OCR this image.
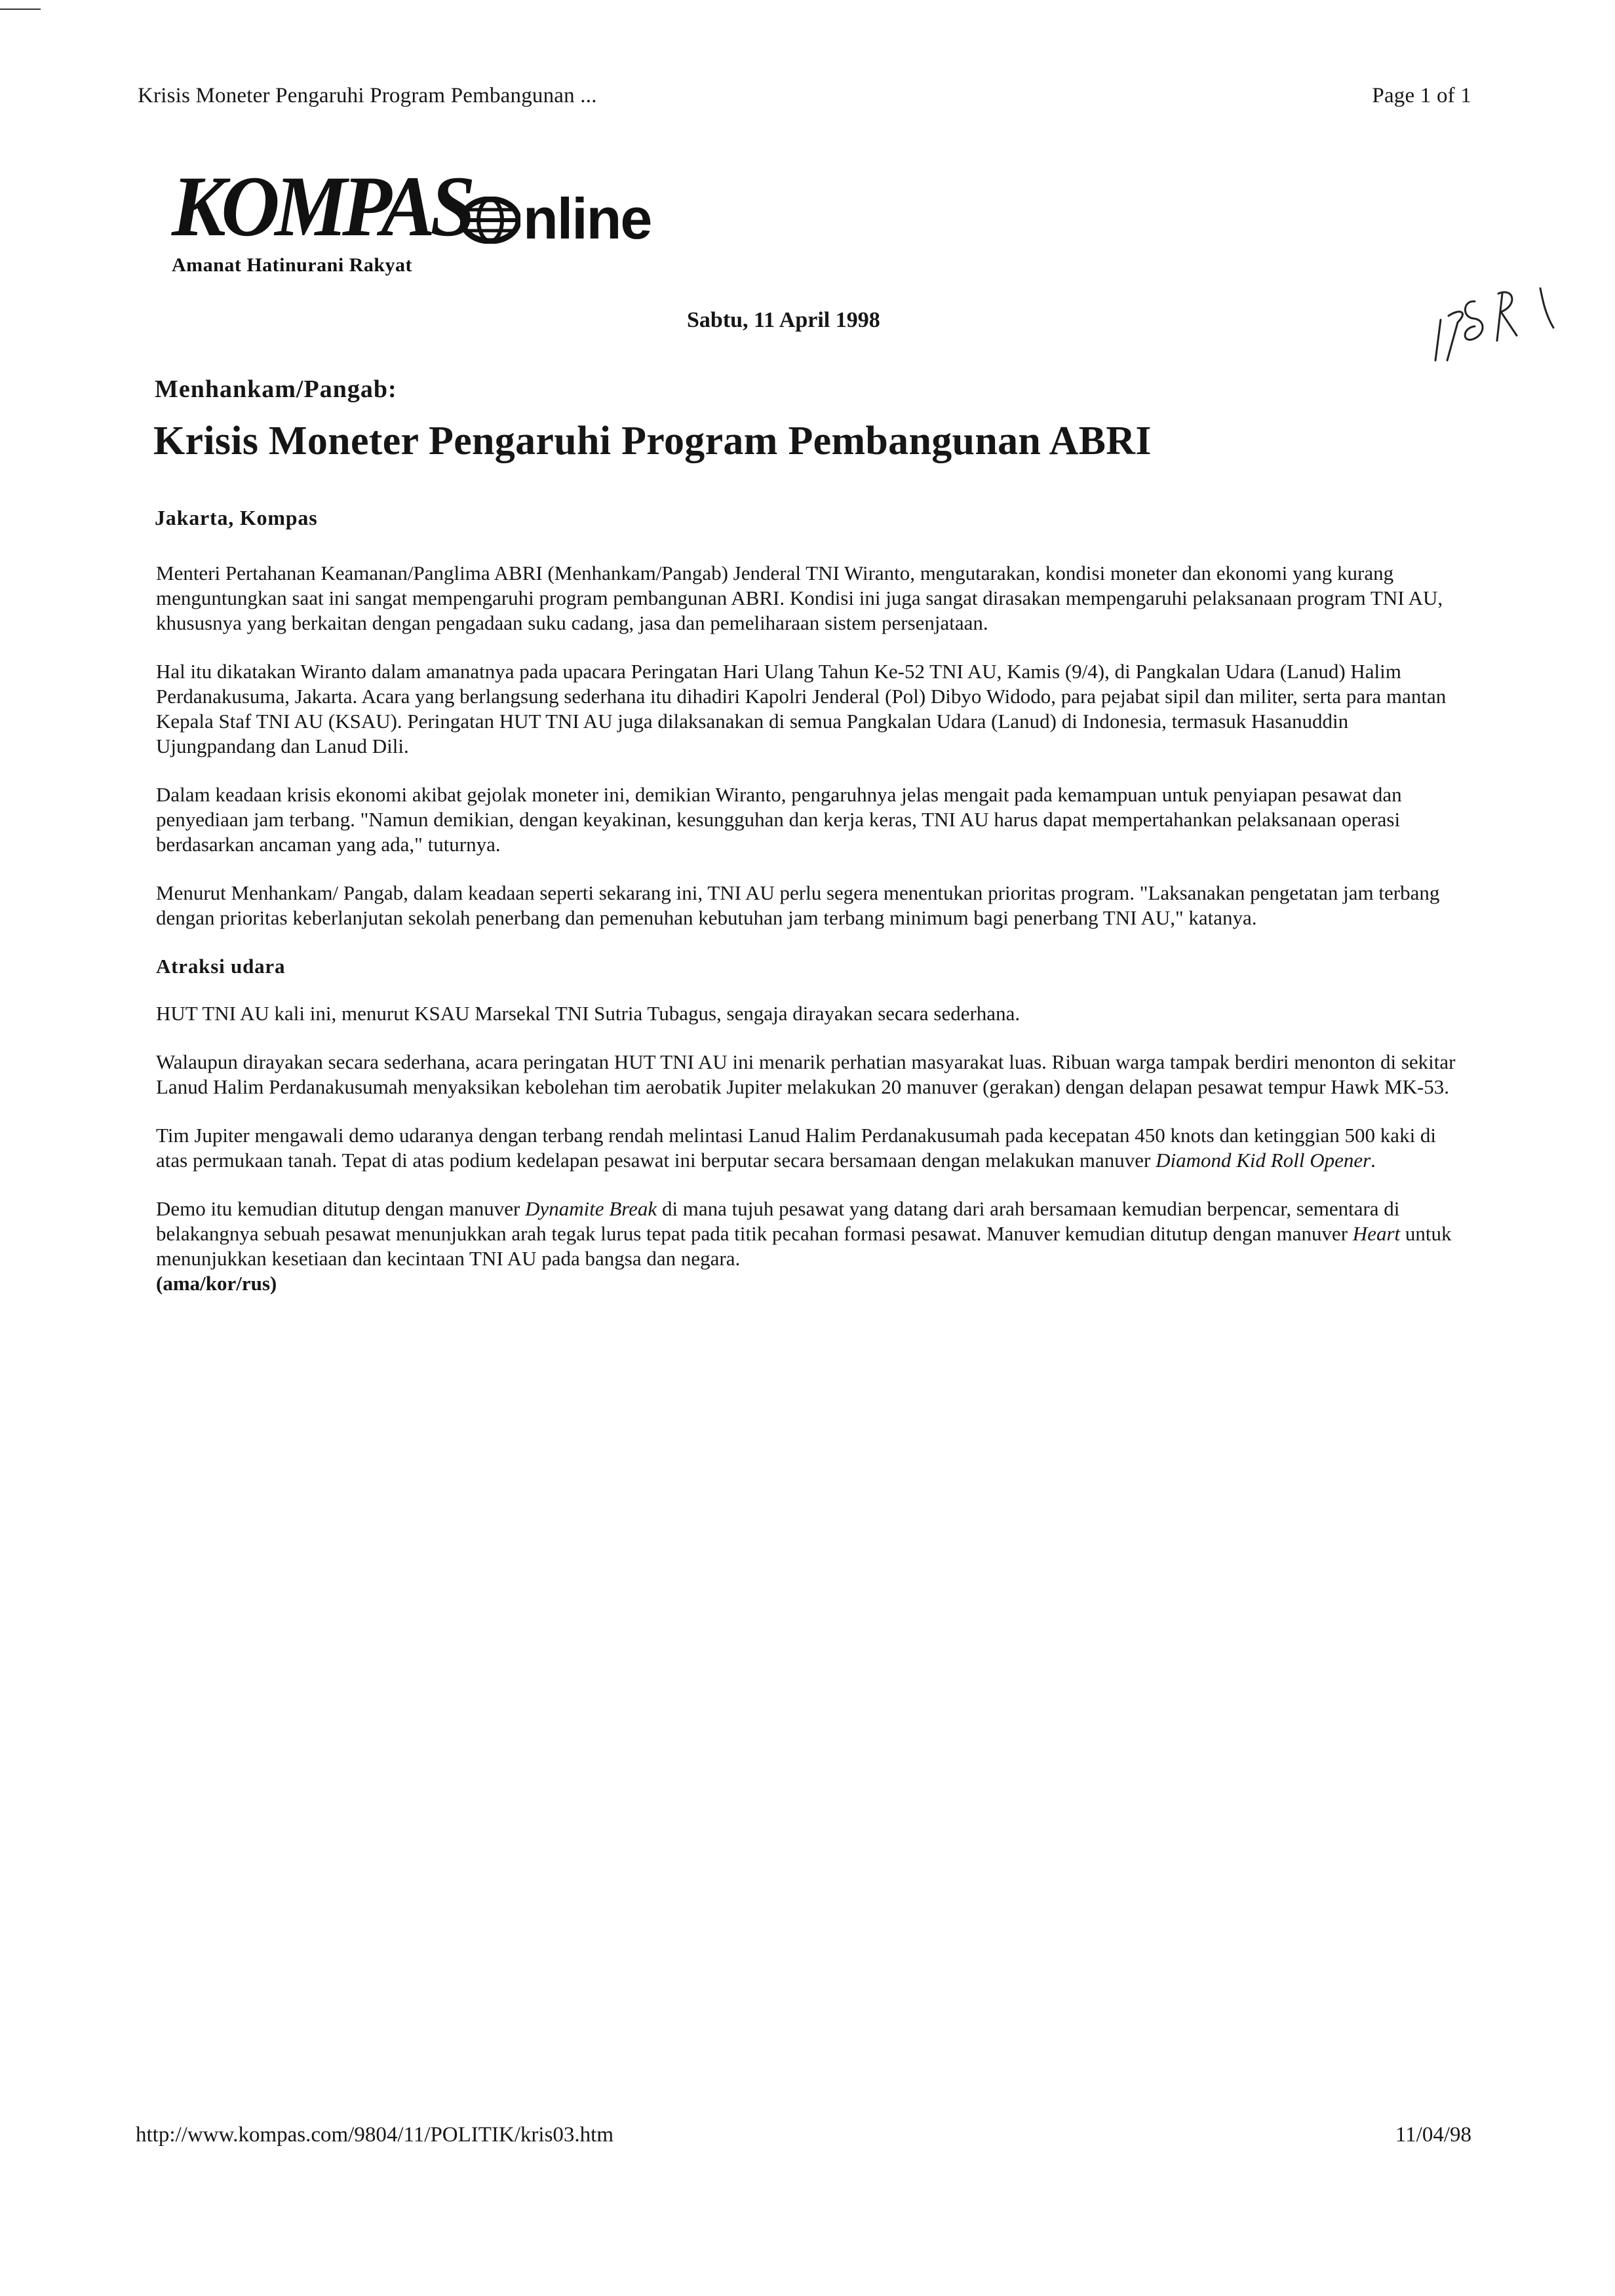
Krisis Moneter Pengaruhi Program Pembangunan ...	Page 1 of 1
KOMPAS nline
Amanat Hatinurani Rakyat
Sabtu, 11 April 1998
Menhankam/Pangab:
Krisis Moneter Pengaruhi Program Pembangunan ABRI
Jakarta, Kompas

Menteri Pertahanan Keamanan/Panglima ABRI (Menhankam/Pangab) Jenderal TNI Wiranto, mengutarakan, kondisi moneter dan ekonomi yang kurang menguntungkan saat ini sangat mempengaruhi program pembangunan ABRI. Kondisi ini juga sangat dirasakan mempengaruhi pelaksanaan program TNI AU, khususnya yang berkaitan dengan pengadaan suku cadang, jasa dan pemeliharaan sistem persenjataan.

Hal itu dikatakan Wiranto dalam amanatnya pada upacara Peringatan Hari Ulang Tahun Ke-52 TNI AU, Kamis (9/4), di Pangkalan Udara (Lanud) Halim Perdanakusuma, Jakarta. Acara yang berlangsung sederhana itu dihadiri Kapolri Jenderal (Pol) Dibyo Widodo, para pejabat sipil dan militer, serta para mantan Kepala Staf TNI AU (KSAU). Peringatan HUT TNI AU juga dilaksanakan di semua Pangkalan Udara (Lanud) di Indonesia, termasuk Hasanuddin Ujungpandang dan Lanud Dili.

Dalam keadaan krisis ekonomi akibat gejolak moneter ini, demikian Wiranto, pengaruhnya jelas mengait pada kemampuan untuk penyiapan pesawat dan penyediaan jam terbang. "Namun demikian, dengan keyakinan, kesungguhan dan kerja keras, TNI AU harus dapat mempertahankan pelaksanaan operasi berdasarkan ancaman yang ada," tuturnya.

Menurut Menhankam/ Pangab, dalam keadaan seperti sekarang ini, TNI AU perlu segera menentukan prioritas program. "Laksanakan pengetatan jam terbang dengan prioritas keberlanjutan sekolah penerbang dan pemenuhan kebutuhan jam terbang minimum bagi penerbang TNI AU," katanya.

Atraksi udara

HUT TNI AU kali ini, menurut KSAU Marsekal TNI Sutria Tubagus, sengaja dirayakan secara sederhana.

Walaupun dirayakan secara sederhana, acara peringatan HUT TNI AU ini menarik perhatian masyarakat luas. Ribuan warga tampak berdiri menonton di sekitar Lanud Halim Perdanakusumah menyaksikan kebolehan tim aerobatik Jupiter melakukan 20 manuver (gerakan) dengan delapan pesawat tempur Hawk MK-53.

Tim Jupiter mengawali demo udaranya dengan terbang rendah melintasi Lanud Halim Perdanakusumah pada kecepatan 450 knots dan ketinggian 500 kaki di atas permukaan tanah. Tepat di atas podium kedelapan pesawat ini berputar secara bersamaan dengan melakukan manuver Diamond Kid Roll Opener.

Demo itu kemudian ditutup dengan manuver Dynamite Break di mana tujuh pesawat yang datang dari arah bersamaan kemudian berpencar, sementara di belakangnya sebuah pesawat menunjukkan arah tegak lurus tepat pada titik pecahan formasi pesawat. Manuver kemudian ditutup dengan manuver Heart untuk menunjukkan kesetiaan dan kecintaan TNI AU pada bangsa dan negara.
(ama/kor/rus)

http://www.kompas.com/9804/11/POLITIK/kris03.htm	11/04/98
